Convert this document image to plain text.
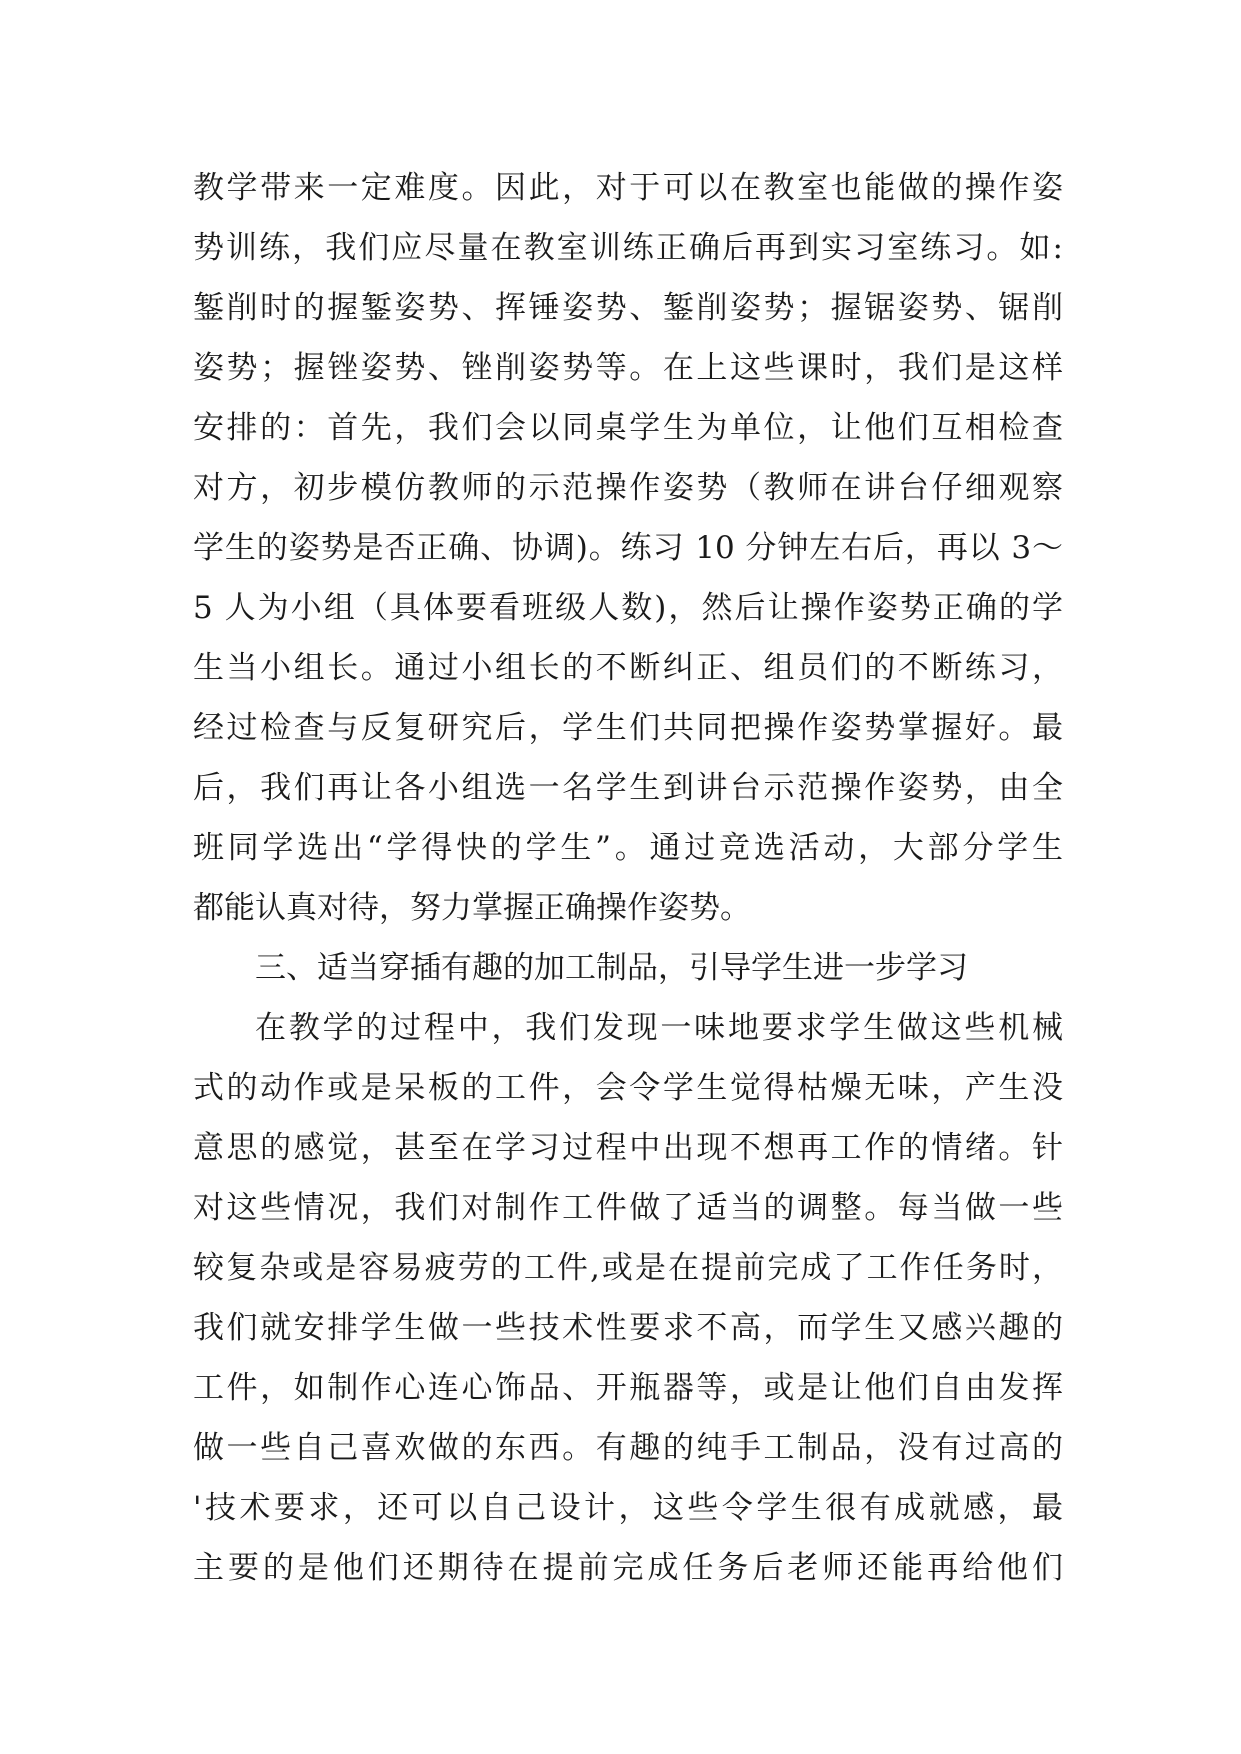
教学带来一定难度。因此，对于可以在教室也能做的操作姿
势训练，我们应尽量在教室训练正确后再到实习室练习。如:
錾削时的握錾姿势、挥锤姿势、錾削姿势；握锯姿势、锯削
姿势；握锉姿势、锉削姿势等。在上这些课时，我们是这样
安排的：首先，我们会以同桌学生为单位，让他们互相检查
对方，初步模仿教师的示范操作姿势（教师在讲台仔细观察
学生的姿势是否正确、协调)。练习 10 分钟左右后，再以 3～
5 人为小组（具体要看班级人数)，然后让操作姿势正确的学
生当小组长。通过小组长的不断纠正、组员们的不断练习，
经过检查与反复研究后，学生们共同把操作姿势掌握好。最
后，我们再让各小组选一名学生到讲台示范操作姿势，由全
班同学选出“学得快的学生”。通过竞选活动，大部分学生
都能认真对待，努力掌握正确操作姿势。
三、适当穿插有趣的加工制品，引导学生进一步学习
在教学的过程中，我们发现一味地要求学生做这些机械
式的动作或是呆板的工件，会令学生觉得枯燥无味，产生没
意思的感觉，甚至在学习过程中出现不想再工作的情绪。针
对这些情况，我们对制作工件做了适当的调整。每当做一些
较复杂或是容易疲劳的工件,或是在提前完成了工作任务时，
我们就安排学生做一些技术性要求不高，而学生又感兴趣的
工件，如制作心连心饰品、开瓶器等，或是让他们自由发挥
做一些自己喜欢做的东西。有趣的纯手工制品，没有过高的
'技术要求，还可以自己设计，这些令学生很有成就感，最
主要的是他们还期待在提前完成任务后老师还能再给他们
